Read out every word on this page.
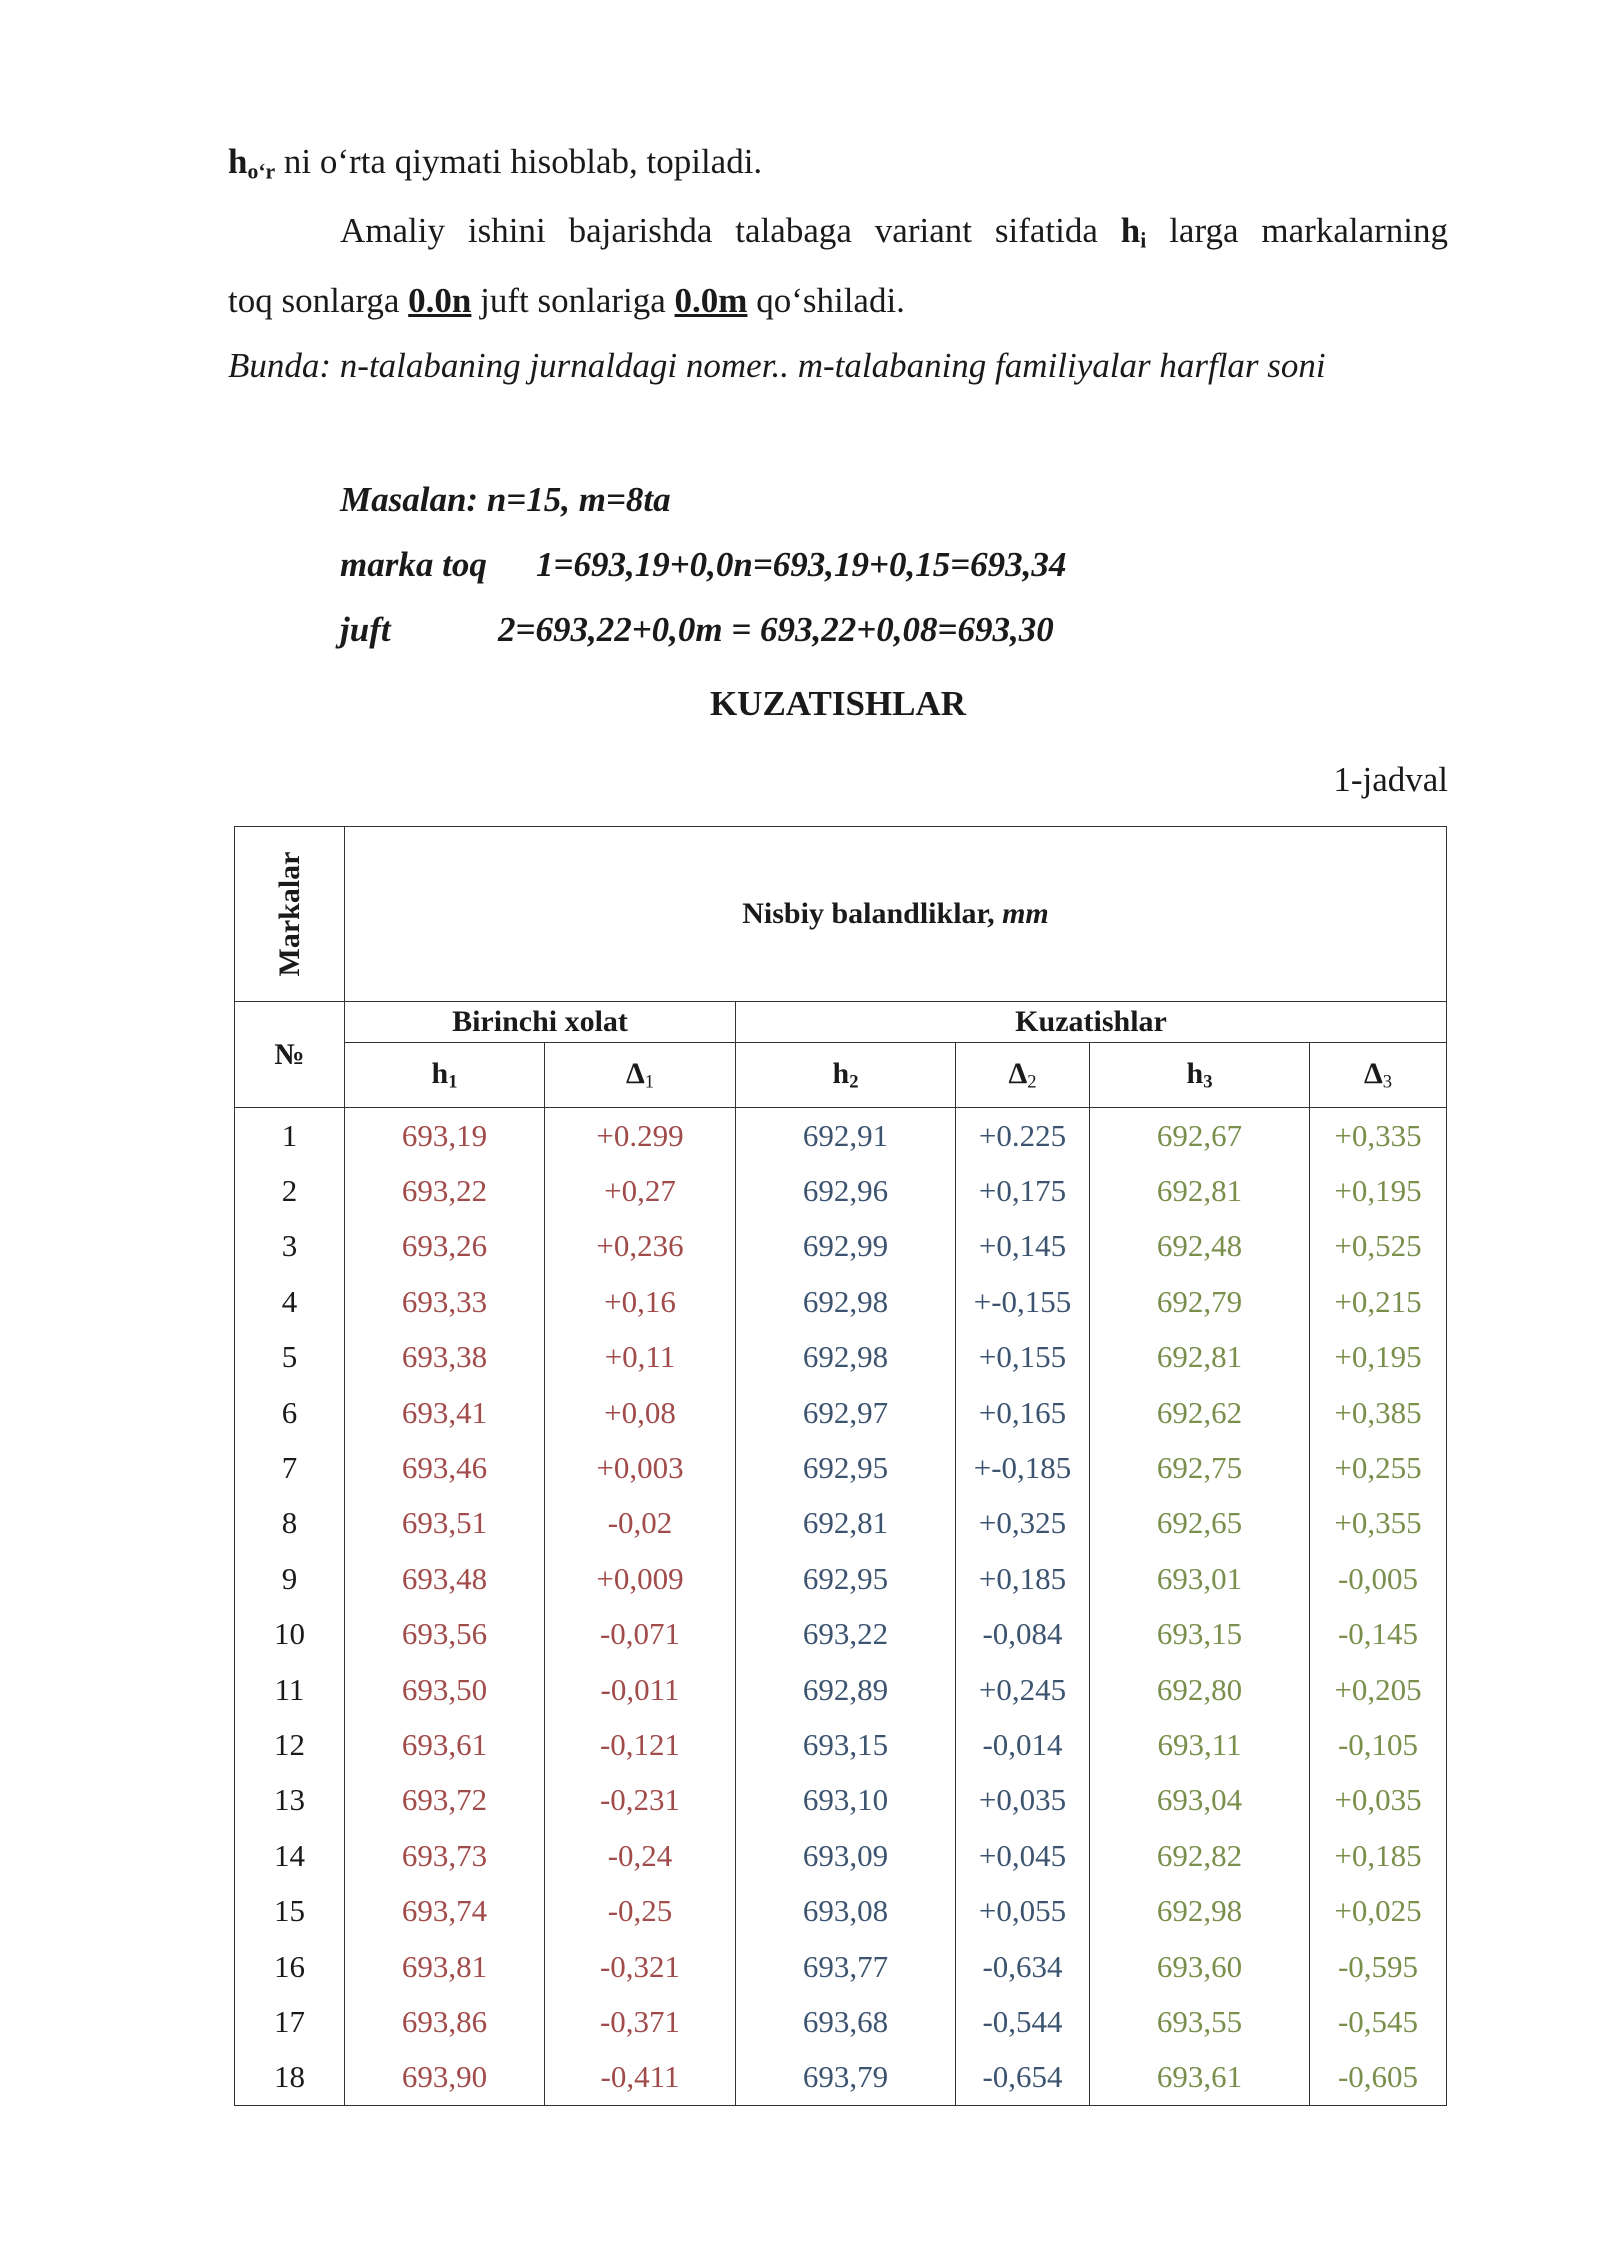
$h_{o‘r}$ ni o‘rta qiymati hisoblab, topiladi.
Amaliy ishini bajarishda talabaga variant sifatida $h_i$ larga markalarning
toq sonlarga 0.0n juft sonlariga 0.0m qo‘shiladi.
Bunda: n-talabaning jurnaldagi nomer.. m-talabaning familiyalar harflar soni
Masalan: n=15, m=8ta
marka toq 1=693,19+0,0n=693,19+0,15=693,34
juft	2=693,22+0,0m = 693,22+0,08=693,30
KUZATISHLAR
1-jadval
Markalar	Nisbiy balandliklar, mm					
№	Birinchi xolat		Kuzatishlar			
	$h_1$	$\Delta_1$	$h_2$	$\Delta_2$	$h_3$	$\Delta_3$
1	693,19	+0.299	692,91	+0.225	692,67	+0,335
2	693,22	+0,27	692,96	+0,175	692,81	+0,195
3	693,26	+0,236	692,99	+0,145	692,48	+0,525
4	693,33	+0,16	692,98	+-0,155	692,79	+0,215
5	693,38	+0,11	692,98	+0,155	692,81	+0,195
6	693,41	+0,08	692,97	+0,165	692,62	+0,385
7	693,46	+0,003	692,95	+-0,185	692,75	+0,255
8	693,51	-0,02	692,81	+0,325	692,65	+0,355
9	693,48	+0,009	692,95	+0,185	693,01	-0,005
10	693,56	-0,071	693,22	-0,084	693,15	-0,145
11	693,50	-0,011	692,89	+0,245	692,80	+0,205
12	693,61	-0,121	693,15	-0,014	693,11	-0,105
13	693,72	-0,231	693,10	+0,035	693,04	+0,035
14	693,73	-0,24	693,09	+0,045	692,82	+0,185
15	693,74	-0,25	693,08	+0,055	692,98	+0,025
16	693,81	-0,321	693,77	-0,634	693,60	-0,595
17	693,86	-0,371	693,68	-0,544	693,55	-0,545
18	693,90	-0,411	693,79	-0,654	693,61	-0,605
